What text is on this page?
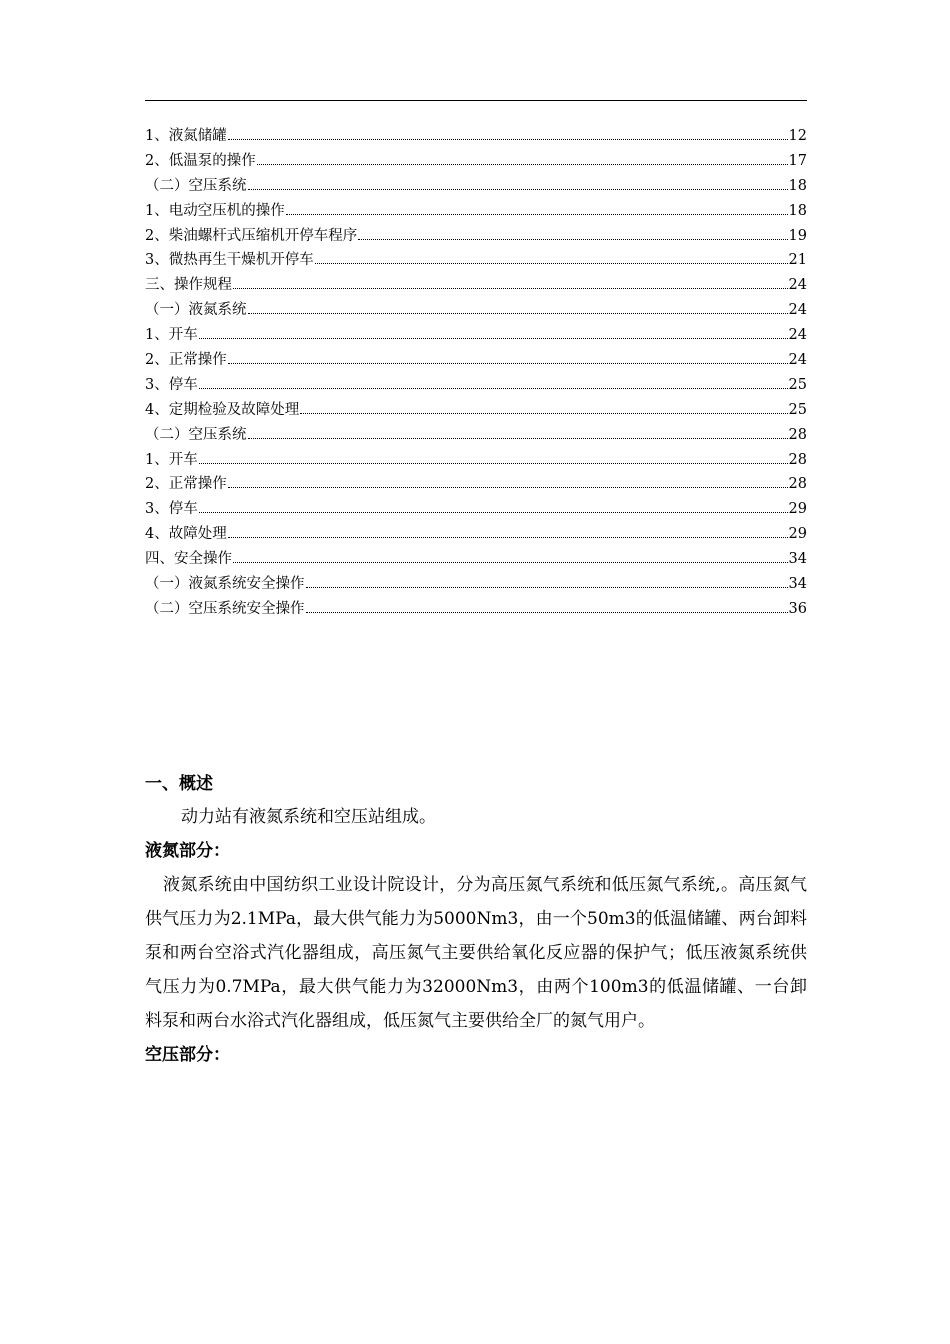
1、液氮储罐	12
2、低温泵的操作	17
（二）空压系统	18
1、电动空压机的操作	18
2、柴油螺杆式压缩机开停车程序	19
3、微热再生干燥机开停车	21
三、操作规程	24
（一）液氮系统	24
1、开车	24
2、正常操作	24
3、停车	25
4、定期检验及故障处理	25
（二）空压系统	28
1、开车	28
2、正常操作	28
3、停车	29
4、故障处理	29
四、安全操作	34
（一）液氮系统安全操作	34
（二）空压系统安全操作	36
一、概述
动力站有液氮系统和空压站组成。
液氮部分：
液氮系统由中国纺织工业设计院设计，分为高压氮气系统和低压氮气系统,。高压氮气供气压力为2.1MPa，最大供气能力为5000Nm3，由一个50m3的低温储罐、两台卸料泵和两台空浴式汽化器组成，高压氮气主要供给氧化反应器的保护气；低压液氮系统供气压力为0.7MPa，最大供气能力为32000Nm3，由两个100m3的低温储罐、一台卸料泵和两台水浴式汽化器组成，低压氮气主要供给全厂的氮气用户。
空压部分：
